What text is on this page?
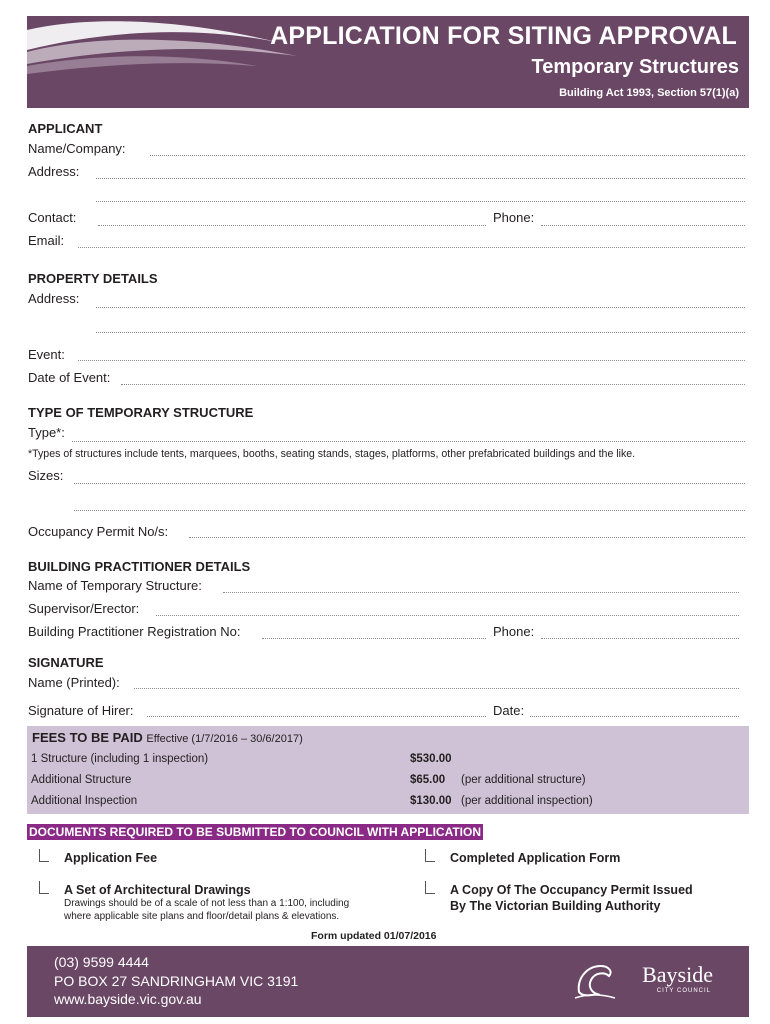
APPLICATION FOR SITING APPROVAL
Temporary Structures
Building Act 1993, Section 57(1)(a)
APPLICANT
Name/Company:
Address:
Contact:	Phone:
Email:
PROPERTY DETAILS
Address:
Event:
Date of Event:
TYPE OF TEMPORARY STRUCTURE
Type*:
*Types of structures include tents, marquees, booths, seating stands, stages, platforms, other prefabricated buildings and the like.
Sizes:
Occupancy Permit No/s:
BUILDING PRACTITIONER DETAILS
Name of Temporary Structure:
Supervisor/Erector:
Building Practitioner Registration No:	Phone:
SIGNATURE
Name (Printed):
Signature of Hirer:	Date:
FEES TO BE PAID Effective (1/7/2016 – 30/6/2017)
1 Structure (including 1 inspection)	$530.00
Additional Structure	$65.00 (per additional structure)
Additional Inspection	$130.00 (per additional inspection)
DOCUMENTS REQUIRED TO BE SUBMITTED TO COUNCIL WITH APPLICATION
Application Fee	Completed Application Form
A Set of Architectural Drawings
Drawings should be of a scale of not less than a 1:100, including
where applicable site plans and floor/detail plans & elevations.
A Copy Of The Occupancy Permit Issued
By The Victorian Building Authority
Form updated 01/07/2016
(03) 9599 4444
PO BOX 27 SANDRINGHAM VIC 3191
www.bayside.vic.gov.au
Bayside
CITY COUNCIL
